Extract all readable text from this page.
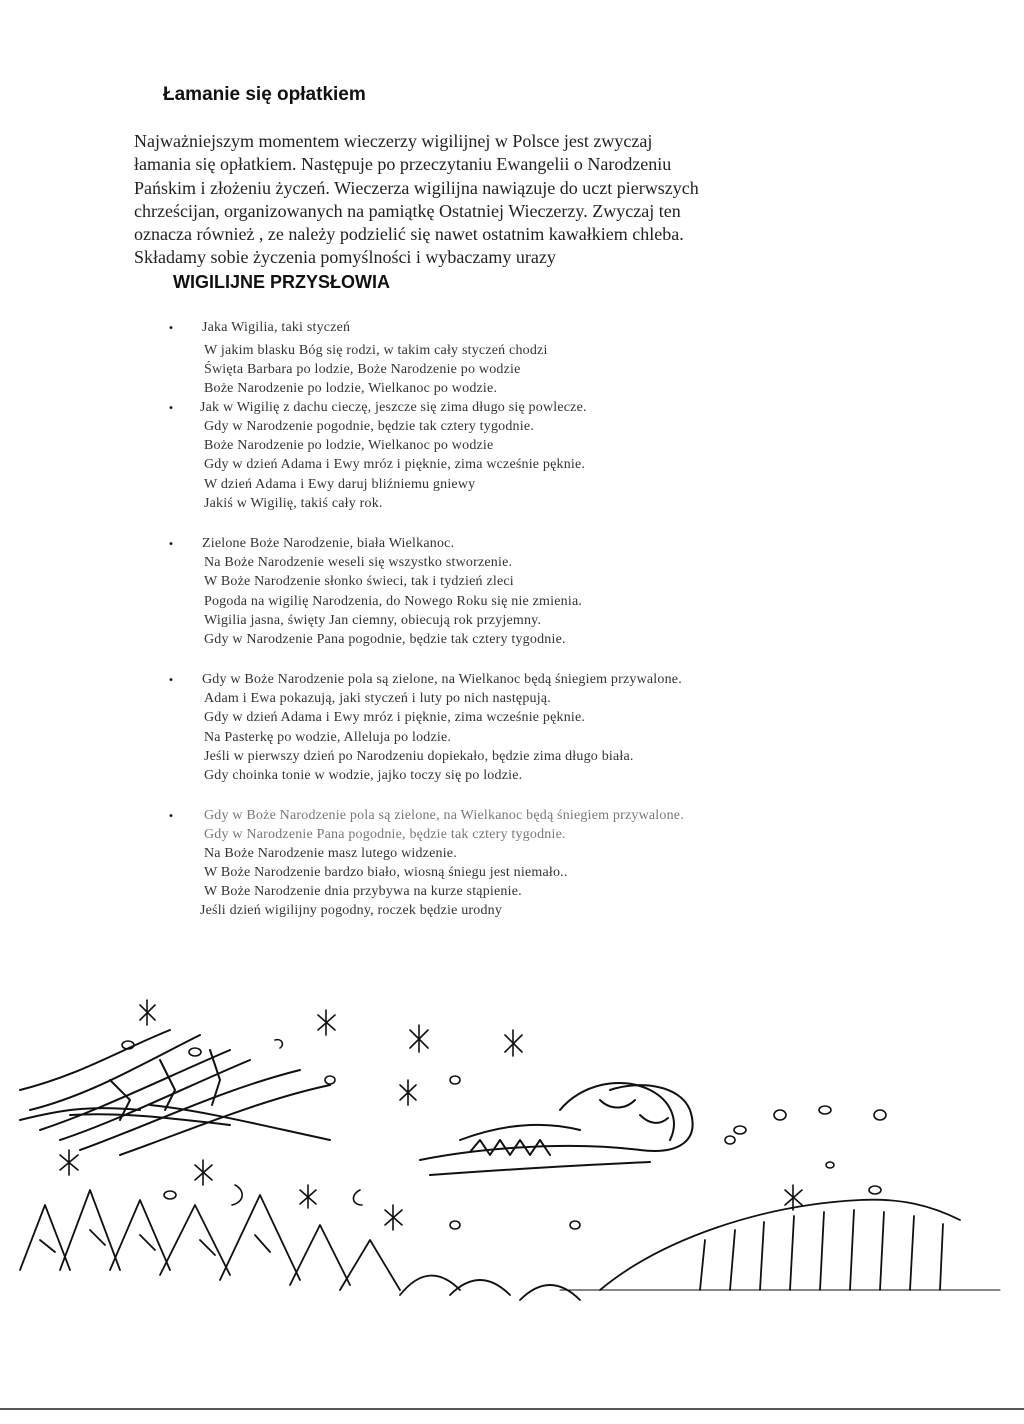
Łamanie się opłatkiem
Najważniejszym momentem wieczerzy wigilijnej w Polsce jest zwyczaj
łamania się opłatkiem. Następuje po przeczytaniu Ewangelii o Narodzeniu
Pańskim i złożeniu życzeń. Wieczerza wigilijna nawiązuje do uczt pierwszych
chrześcijan, organizowanych na pamiątkę Ostatniej Wieczerzy. Zwyczaj ten
oznacza również , ze należy podzielić się nawet ostatnim kawałkiem chleba.
Składamy sobie życzenia pomyślności i wybaczamy urazy
WIGILIJNE PRZYSŁOWIA
• Jaka Wigilia, taki styczeń
W jakim blasku Bóg się rodzi, w takim cały styczeń chodzi
Święta Barbara po lodzie, Boże Narodzenie po wodzie
Boże Narodzenie po lodzie, Wielkanoc po wodzie.
• Jak w Wigilię z dachu cieczę, jeszcze się zima długo się powlecze.
Gdy w Narodzenie pogodnie, będzie tak cztery tygodnie.
Boże Narodzenie po lodzie, Wielkanoc po wodzie
Gdy w dzień Adama i Ewy mróz i pięknie, zima wcześnie pęknie.
W dzień Adama i Ewy daruj bliźniemu gniewy
Jakiś w Wigilię, takiś cały rok.
• Zielone Boże Narodzenie, biała Wielkanoc.
Na Boże Narodzenie weseli się wszystko stworzenie.
W Boże Narodzenie słonko świeci, tak i tydzień zleci
Pogoda na wigilię Narodzenia, do Nowego Roku się nie zmienia.
Wigilia jasna, święty Jan ciemny, obiecują rok przyjemny.
Gdy w Narodzenie Pana pogodnie, będzie tak cztery tygodnie.
• Gdy w Boże Narodzenie pola są zielone, na Wielkanoc będą śniegiem przywalone.
Adam i Ewa pokazują, jaki styczeń i luty po nich następują.
Gdy w dzień Adama i Ewy mróz i pięknie, zima wcześnie pęknie.
Na Pasterkę po wodzie, Alleluja po lodzie.
Jeśli w pierwszy dzień po Narodzeniu dopiekało, będzie zima długo biała.
Gdy choinka tonie w wodzie, jajko toczy się po lodzie.
• Gdy w Boże Narodzenie pola są zielone, na Wielkanoc będą śniegiem przywalone.
Gdy w Narodzenie Pana pogodnie, będzie tak cztery tygodnie.
Na Boże Narodzenie masz lutego widzenie.
W Boże Narodzenie bardzo biało, wiosną śniegu jest niemało..
W Boże Narodzenie dnia przybywa na kurze stąpienie.
Jeśli dzień wigilijny pogodny, roczek będzie urodny
